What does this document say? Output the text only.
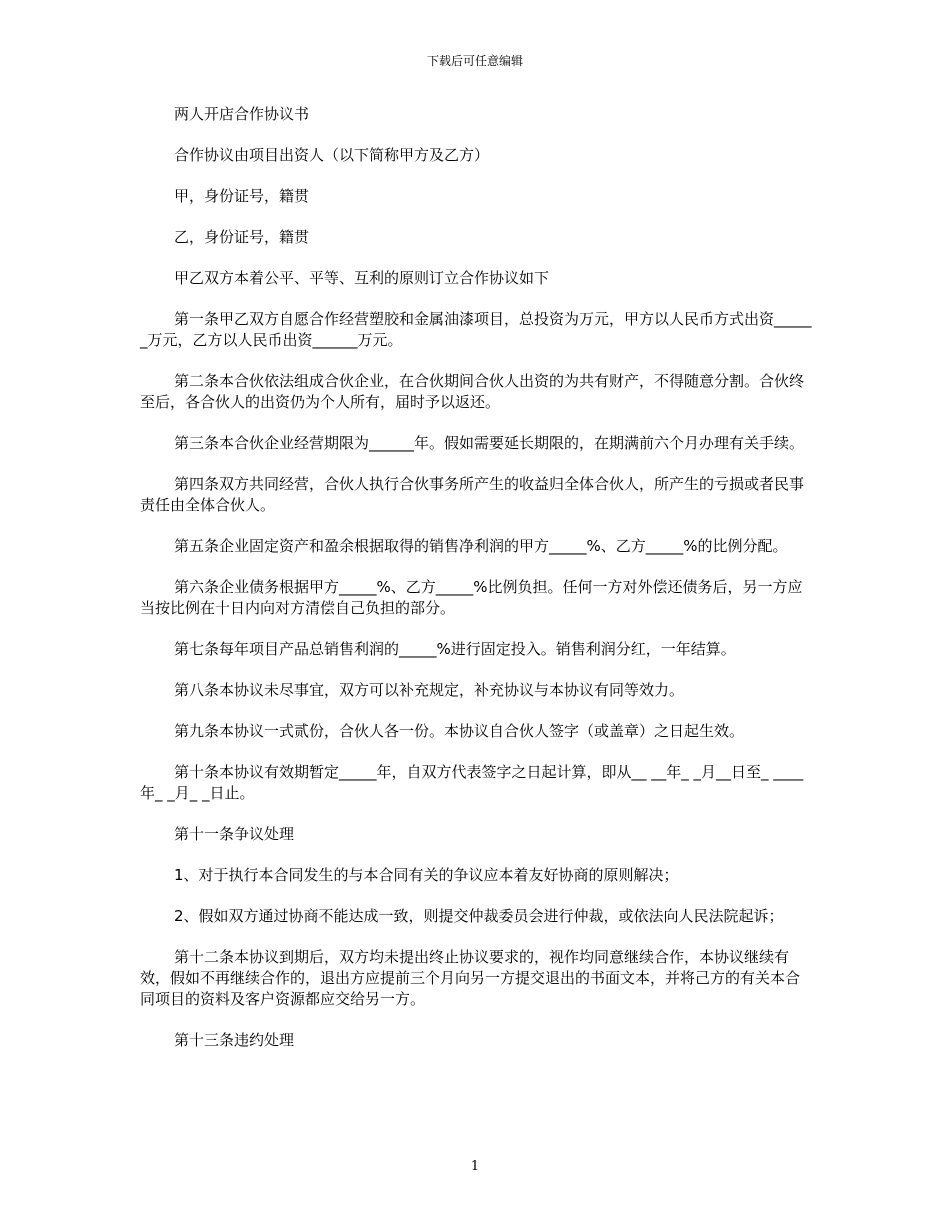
下载后可任意编辑

两人开店合作协议书

合作协议由项目出资人（以下简称甲方及乙方）

甲，身份证号，籍贯

乙，身份证号，籍贯

甲乙双方本着公平、平等、互利的原则订立合作协议如下

第一条甲乙双方自愿合作经营塑胶和金属油漆项目，总投资为万元，甲方以人民币方式出资______万元，乙方以人民币出资______万元。

第二条本合伙依法组成合伙企业，在合伙期间合伙人出资的为共有财产，不得随意分割。合伙终至后，各合伙人的出资仍为个人所有，届时予以返还。

第三条本合伙企业经营期限为______年。假如需要延长期限的，在期满前六个月办理有关手续。

第四条双方共同经营，合伙人执行合伙事务所产生的收益归全体合伙人，所产生的亏损或者民事责任由全体合伙人。

第五条企业固定资产和盈余根据取得的销售净利润的甲方_____%、乙方_____%的比例分配。

第六条企业债务根据甲方_____%、乙方_____%比例负担。任何一方对外偿还债务后，另一方应当按比例在十日内向对方清偿自己负担的部分。

第七条每年项目产品总销售利润的_____%进行固定投入。销售利润分红，一年结算。

第八条本协议未尽事宜，双方可以补充规定，补充协议与本协议有同等效力。

第九条本协议一式贰份，合伙人各一份。本协议自合伙人签字（或盖章）之日起生效。

第十条本协议有效期暂定_____年，自双方代表签字之日起计算，即从__ __年_ _月__日至_ ____年_ _月_ _日止。

第十一条争议处理

1、对于执行本合同发生的与本合同有关的争议应本着友好协商的原则解决；

2、假如双方通过协商不能达成一致，则提交仲裁委员会进行仲裁，或依法向人民法院起诉；

第十二条本协议到期后，双方均未提出终止协议要求的，视作均同意继续合作，本协议继续有效，假如不再继续合作的，退出方应提前三个月向另一方提交退出的书面文本，并将己方的有关本合同项目的资料及客户资源都应交给另一方。

第十三条违约处理

1
